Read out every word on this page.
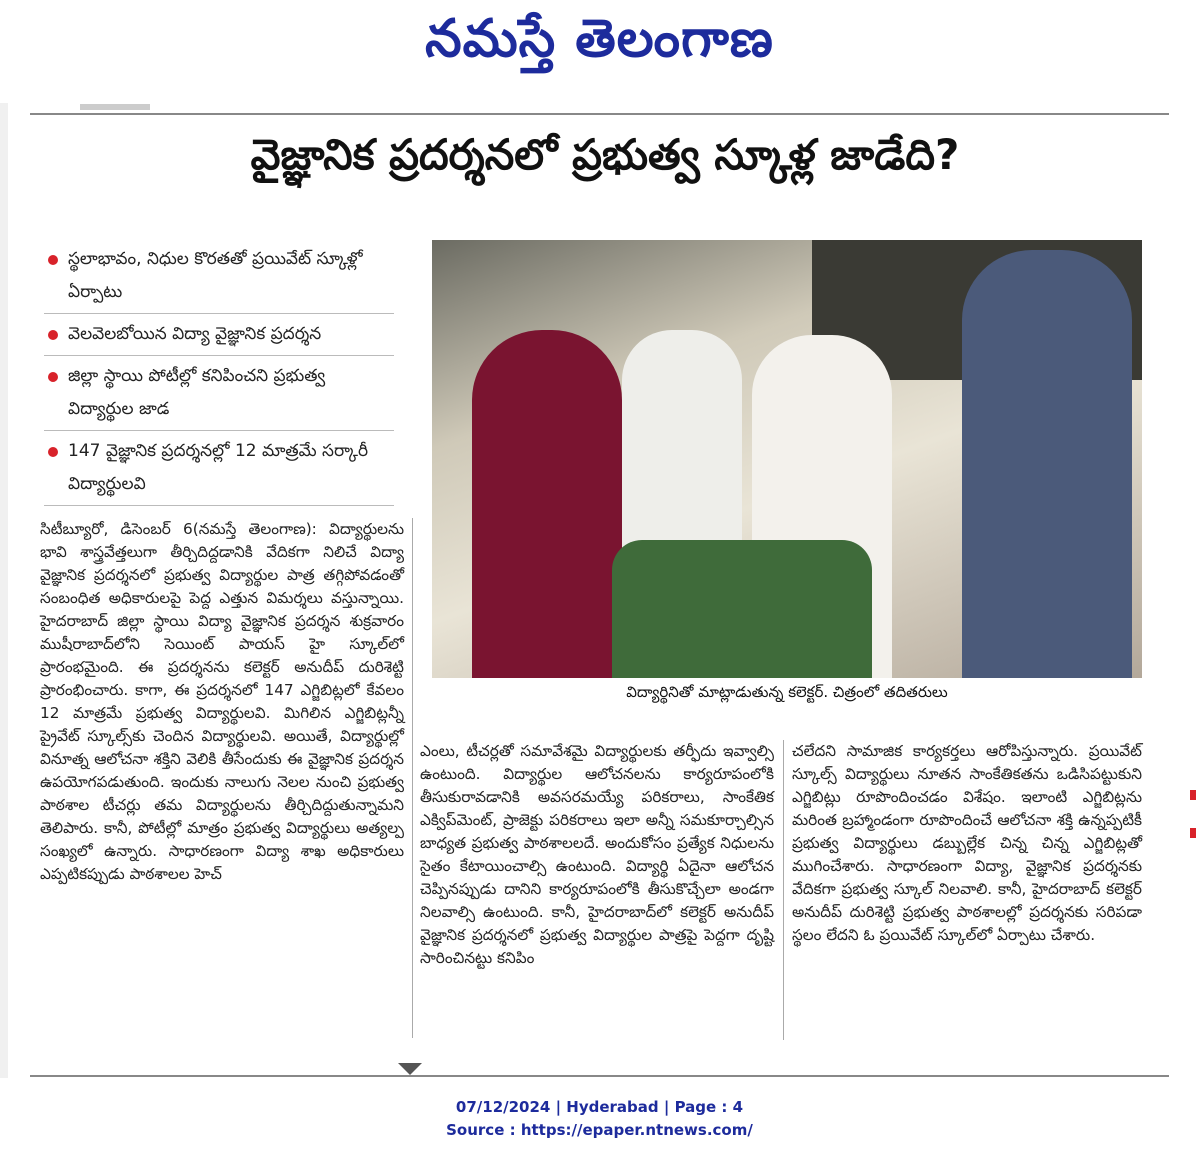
నమస్తే తెలంగాణ
వైజ్ఞానిక ప్రదర్శనలో ప్రభుత్వ స్కూళ్ల జాడేది?
స్థలాభావం, నిధుల కొరతతో ప్రయివేట్ స్కూళ్లో ఏర్పాటు
వెలవెలబోయిన విద్యా వైజ్ఞానిక ప్రదర్శన
జిల్లా స్థాయి పోటీల్లో కనిపించని ప్రభుత్వ విద్యార్థుల జాడ
147 వైజ్ఞానిక ప్రదర్శనల్లో 12 మాత్రమే సర్కారీ విద్యార్థులవి
విద్యార్థినితో మాట్లాడుతున్న కలెక్టర్. చిత్రంలో తదితరులు
సిటీబ్యూరో, డిసెంబర్ 6(నమస్తే తెలంగాణ): విద్యార్థులను భావి శాస్త్రవేత్తలుగా తీర్చిదిద్దడానికి వేదికగా నిలిచే విద్యా వైజ్ఞానిక ప్రదర్శనలో ప్రభుత్వ విద్యార్థుల పాత్ర తగ్గిపోవడంతో సంబంధిత అధికారులపై పెద్ద ఎత్తున విమర్శలు వస్తున్నాయి. హైదరాబాద్ జిల్లా స్థాయి విద్యా వైజ్ఞానిక ప్రదర్శన శుక్రవారం ముషీరాబాద్‌లోని సెయింట్ పాయస్ హై స్కూల్‌లో ప్రారంభమైంది. ఈ ప్రదర్శనను కలెక్టర్ అనుదీప్ దురిశెట్టి ప్రారంభించారు. కాగా, ఈ ప్రదర్శనలో 147 ఎగ్జిబిట్లలో కేవలం 12 మాత్రమే ప్రభుత్వ విద్యార్థులవి. మిగిలిన ఎగ్జిబిట్లన్నీ ప్రైవేట్ స్కూల్స్‌కు చెందిన విద్యార్థులవి. అయితే, విద్యార్థుల్లో వినూత్న ఆలోచనా శక్తిని వెలికి తీసేందుకు ఈ వైజ్ఞానిక ప్రదర్శన ఉపయోగపడుతుంది. ఇందుకు నాలుగు నెలల నుంచి ప్రభుత్వ పాఠశాల టీచర్లు తమ విద్యార్థులను తీర్చిదిద్దుతున్నామని తెలిపారు. కానీ, పోటీల్లో మాత్రం ప్రభుత్వ విద్యార్థులు అత్యల్ప సంఖ్యలో ఉన్నారు. సాధారణంగా విద్యా శాఖ అధికారులు ఎప్పటికప్పుడు పాఠశాలల హెచ్
ఎంలు, టీచర్లతో సమావేశమై విద్యార్థులకు తర్ఫీదు ఇవ్వాల్సి ఉంటుంది. విద్యార్థుల ఆలోచనలను కార్యరూపంలోకి తీసుకురావడానికి అవసరమయ్యే పరికరాలు, సాంకేతిక ఎక్విప్‌మెంట్, ప్రాజెక్టు పరికరాలు ఇలా అన్నీ సమకూర్చాల్సిన బాధ్యత ప్రభుత్వ పాఠశాలలదే. అందుకోసం ప్రత్యేక నిధులను సైతం కేటాయించాల్సి ఉంటుంది. విద్యార్థి ఏదైనా ఆలోచన చెప్పినప్పుడు దానిని కార్యరూపంలోకి తీసుకొచ్చేలా అండగా నిలవాల్సి ఉంటుంది. కానీ, హైదరాబాద్‌లో కలెక్టర్ అనుదీప్ వైజ్ఞానిక ప్రదర్శనలో ప్రభుత్వ విద్యార్థుల పాత్రపై పెద్దగా దృష్టి సారించినట్టు కనిపిం
చలేదని సామాజిక కార్యకర్తలు ఆరోపిస్తున్నారు. ప్రయివేట్ స్కూల్స్ విద్యార్థులు నూతన సాంకేతికతను ఒడిసిపట్టుకుని ఎగ్జిబిట్లు రూపొందించడం విశేషం. ఇలాంటి ఎగ్జిబిట్లను మరింత బ్రహ్మాండంగా రూపొందించే ఆలోచనా శక్తి ఉన్నప్పటికీ ప్రభుత్వ విద్యార్థులు డబ్బుల్లేక చిన్న చిన్న ఎగ్జిబిట్లతో ముగించేశారు. సాధారణంగా విద్యా, వైజ్ఞానిక ప్రదర్శనకు వేదికగా ప్రభుత్వ స్కూల్ నిలవాలి. కానీ, హైదరాబాద్ కలెక్టర్ అనుదీప్ దురిశెట్టి ప్రభుత్వ పాఠశాలల్లో ప్రదర్శనకు సరిపడా స్థలం లేదని ఓ ప్రయివేట్ స్కూల్‌లో ఏర్పాటు చేశారు.
07/12/2024 | Hyderabad | Page : 4
Source : https://epaper.ntnews.com/
